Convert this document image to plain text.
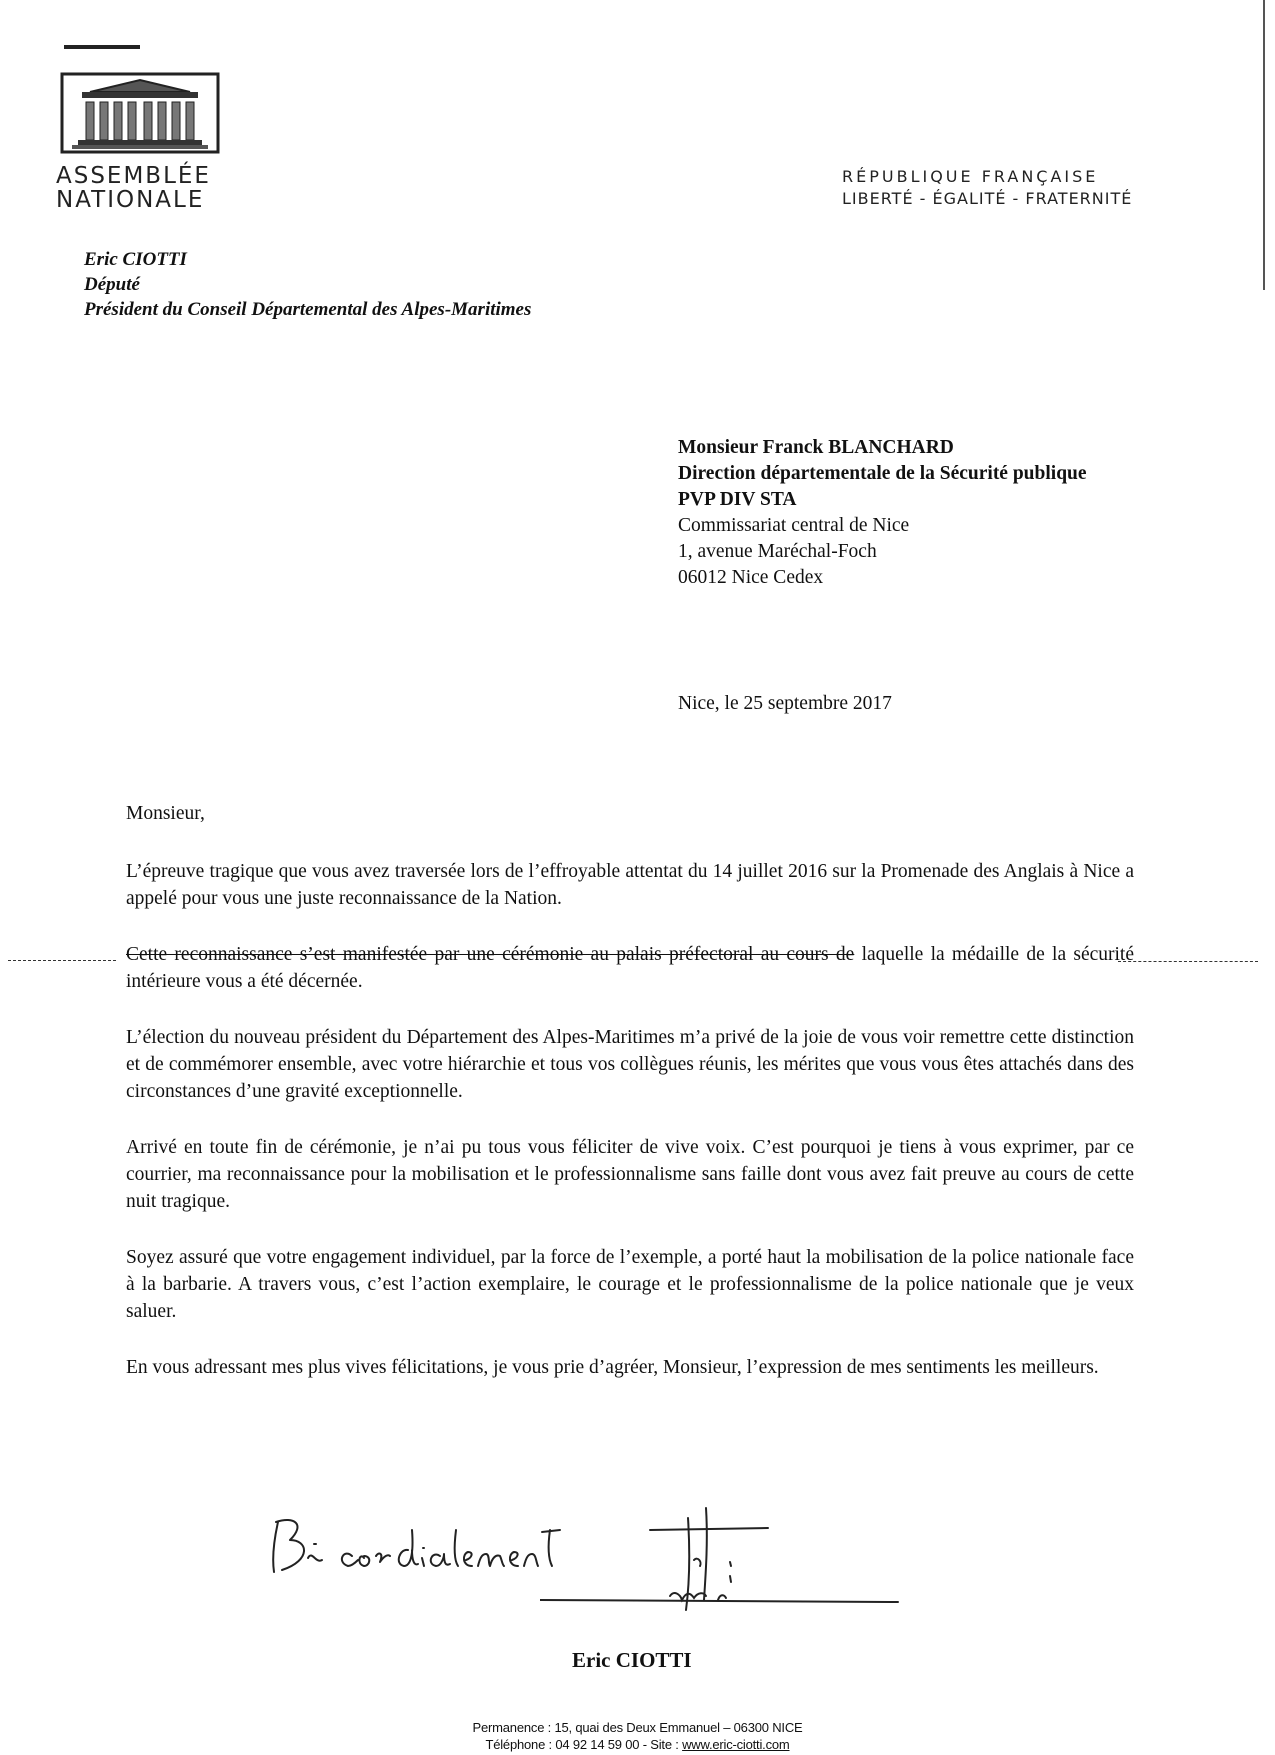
ASSEMBLÉE
NATIONALE
RÉPUBLIQUE FRANÇAISE
LIBERTÉ - ÉGALITÉ - FRATERNITÉ
Eric CIOTTI
Député
Président du Conseil Départemental des Alpes-Maritimes
Monsieur Franck BLANCHARD
Direction départementale de la Sécurité publique
PVP DIV STA
Commissariat central de Nice
1, avenue Maréchal-Foch
06012 Nice Cedex
Nice, le 25 septembre 2017

Monsieur,

L’épreuve tragique que vous avez traversée lors de l’effroyable attentat du 14 juillet 2016 sur la Promenade des Anglais à Nice a appelé pour vous une juste reconnaissance de la Nation.

Cette reconnaissance s’est manifestée par une cérémonie au palais préfectoral au cours de laquelle la médaille de la sécurité intérieure vous a été décernée.

L’élection du nouveau président du Département des Alpes-Maritimes m’a privé de la joie de vous voir remettre cette distinction et de commémorer ensemble, avec votre hiérarchie et tous vos collègues réunis, les mérites que vous vous êtes attachés dans des circonstances d’une gravité exceptionnelle.

Arrivé en toute fin de cérémonie, je n’ai pu tous vous féliciter de vive voix. C’est pourquoi je tiens à vous exprimer, par ce courrier, ma reconnaissance pour la mobilisation et le professionnalisme sans faille dont vous avez fait preuve au cours de cette nuit tragique.

Soyez assuré que votre engagement individuel, par la force de l’exemple, a porté haut la mobilisation de la police nationale face à la barbarie. A travers vous, c’est l’action exemplaire, le courage et le professionnalisme de la police nationale que je veux saluer.

En vous adressant mes plus vives félicitations, je vous prie d’agréer, Monsieur, l’expression de mes sentiments les meilleurs.

Eric CIOTTI
Permanence : 15, quai des Deux Emmanuel – 06300 NICE
Téléphone : 04 92 14 59 00 - Site : www.eric-ciotti.com
